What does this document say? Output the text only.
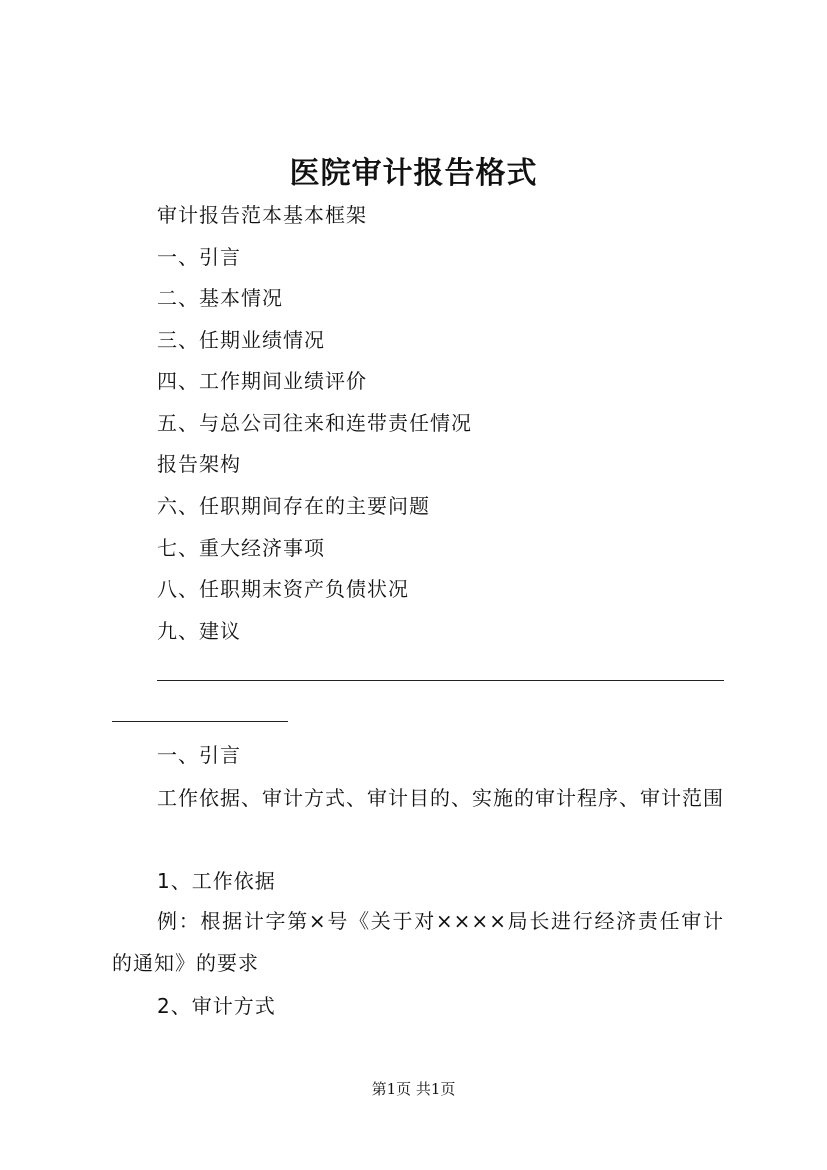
医院审计报告格式
审计报告范本基本框架
一、引言
二、基本情况
三、任期业绩情况
四、工作期间业绩评价
五、与总公司往来和连带责任情况
报告架构
六、任职期间存在的主要问题
七、重大经济事项
八、任职期末资产负债状况
九、建议
一、引言
工作依据、审计方式、审计目的、实施的审计程序、审计范围
1、工作依据
例：根据计字第×号《关于对××××局长进行经济责任审计的通知》的要求
2、审计方式
第1页 共1页
